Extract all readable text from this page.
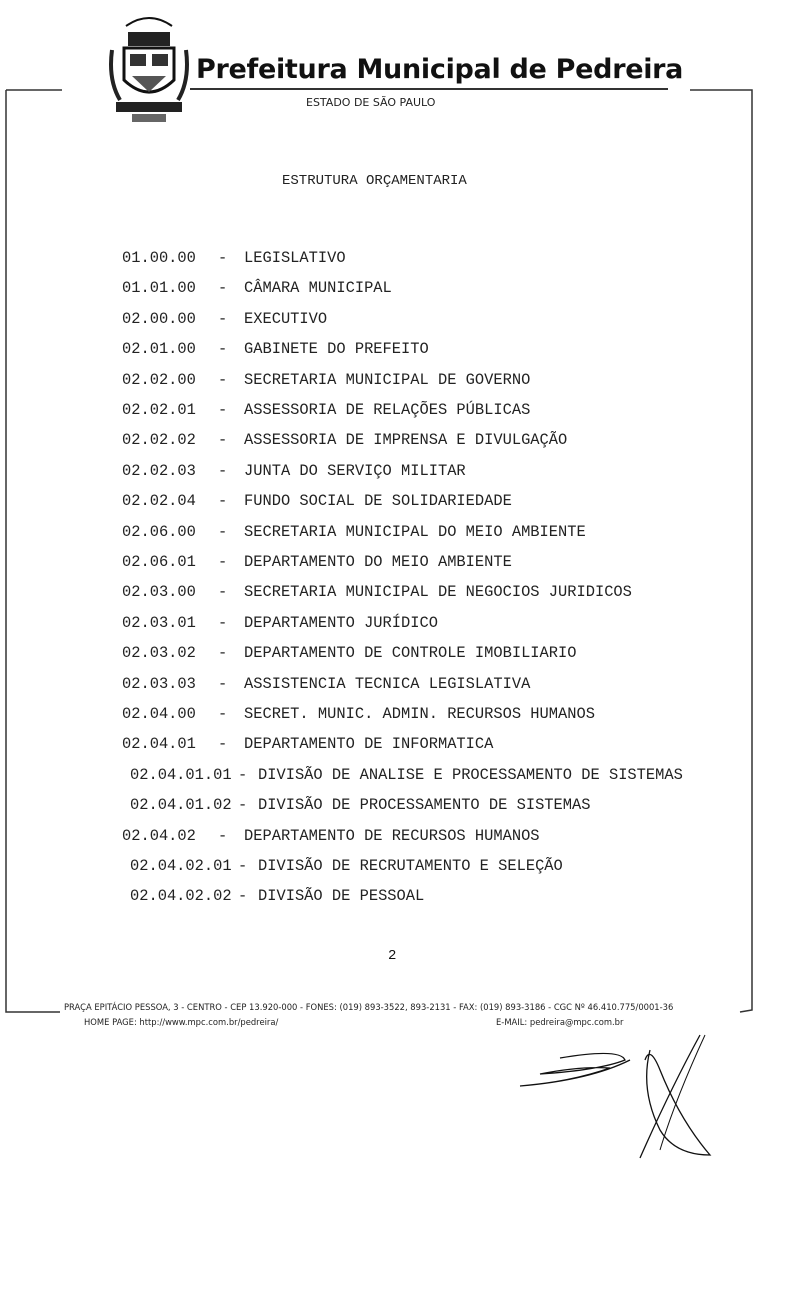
Prefeitura Municipal de Pedreira
ESTADO DE SÃO PAULO
ESTRUTURA ORÇAMENTARIA
01.00.00 - LEGISLATIVO
01.01.00 - CÂMARA MUNICIPAL
02.00.00 - EXECUTIVO
02.01.00 - GABINETE DO PREFEITO
02.02.00 - SECRETARIA MUNICIPAL DE GOVERNO
02.02.01 - ASSESSORIA DE RELAÇÕES PÚBLICAS
02.02.02 - ASSESSORIA DE IMPRENSA E DIVULGAÇÃO
02.02.03 - JUNTA DO SERVIÇO MILITAR
02.02.04 - FUNDO SOCIAL DE SOLIDARIEDADE
02.06.00 - SECRETARIA MUNICIPAL DO MEIO AMBIENTE
02.06.01 - DEPARTAMENTO DO MEIO AMBIENTE
02.03.00 - SECRETARIA MUNICIPAL DE NEGOCIOS JURIDICOS
02.03.01 - DEPARTAMENTO JURÍDICO
02.03.02 - DEPARTAMENTO DE CONTROLE IMOBILIARIO
02.03.03 - ASSISTENCIA TECNICA LEGISLATIVA
02.04.00 - SECRET. MUNIC. ADMIN. RECURSOS HUMANOS
02.04.01 - DEPARTAMENTO DE INFORMATICA
02.04.01.01 - DIVISÃO DE ANALISE E PROCESSAMENTO DE SISTEMAS
02.04.01.02 - DIVISÃO DE PROCESSAMENTO DE SISTEMAS
02.04.02 - DEPARTAMENTO DE RECURSOS HUMANOS
02.04.02.01 - DIVISÃO DE RECRUTAMENTO E SELEÇÃO
02.04.02.02 - DIVISÃO DE PESSOAL
2
PRAÇA EPITÁCIO PESSOA, 3 - CENTRO - CEP 13.920-000 - FONES: (019) 893-3522, 893-2131 - FAX: (019) 893-3186 - CGC Nº 46.410.775/0001-36
HOME PAGE: http://www.mpc.com.br/pedreira/	E-MAIL: pedreira@mpc.com.br
